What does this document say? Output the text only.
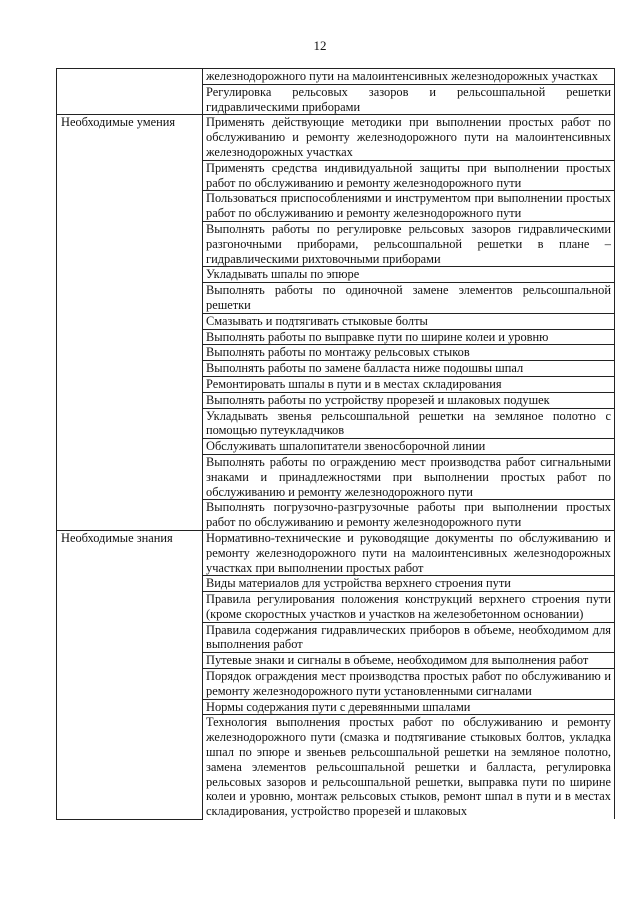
12
	железнодорожного пути на малоинтенсивных железнодорожных участках
	Регулировка рельсовых зазоров и рельсошпальной решетки гидравлическими приборами
Необходимые умения	Применять действующие методики при выполнении простых работ по обслуживанию и ремонту железнодорожного пути на малоинтенсивных железнодорожных участках
	Применять средства индивидуальной защиты при выполнении простых работ по обслуживанию и ремонту железнодорожного пути
	Пользоваться приспособлениями и инструментом при выполнении простых работ по обслуживанию и ремонту железнодорожного пути
	Выполнять работы по регулировке рельсовых зазоров гидравлическими разгоночными приборами, рельсошпальной решетки в плане – гидравлическими рихтовочными приборами
	Укладывать шпалы по эпюре
	Выполнять работы по одиночной замене элементов рельсошпальной решетки
	Смазывать и подтягивать стыковые болты
	Выполнять работы по выправке пути по ширине колеи и уровню
	Выполнять работы по монтажу рельсовых стыков
	Выполнять работы по замене балласта ниже подошвы шпал
	Ремонтировать шпалы в пути и в местах складирования
	Выполнять работы по устройству прорезей и шлаковых подушек
	Укладывать звенья рельсошпальной решетки на земляное полотно с помощью путеукладчиков
	Обслуживать шпалопитатели звеносборочной линии
	Выполнять работы по ограждению мест производства работ сигнальными знаками и принадлежностями при выполнении простых работ по обслуживанию и ремонту железнодорожного пути
	Выполнять погрузочно-разгрузочные работы при выполнении простых работ по обслуживанию и ремонту железнодорожного пути
Необходимые знания	Нормативно-технические и руководящие документы по обслуживанию и ремонту железнодорожного пути на малоинтенсивных железнодорожных участках при выполнении простых работ
	Виды материалов для устройства верхнего строения пути
	Правила регулирования положения конструкций верхнего строения пути (кроме скоростных участков и участков на железобетонном основании)
	Правила содержания гидравлических приборов в объеме, необходимом для выполнения работ
	Путевые знаки и сигналы в объеме, необходимом для выполнения работ
	Порядок ограждения мест производства простых работ по обслуживанию и ремонту железнодорожного пути установленными сигналами
	Нормы содержания пути с деревянными шпалами
	Технология выполнения простых работ по обслуживанию и ремонту железнодорожного пути (смазка и подтягивание стыковых болтов, укладка шпал по эпюре и звеньев рельсошпальной решетки на земляное полотно, замена элементов рельсошпальной решетки и балласта, регулировка рельсовых зазоров и рельсошпальной решетки, выправка пути по ширине колеи и уровню, монтаж рельсовых стыков, ремонт шпал в пути и в местах складирования, устройство прорезей и шлаковых
